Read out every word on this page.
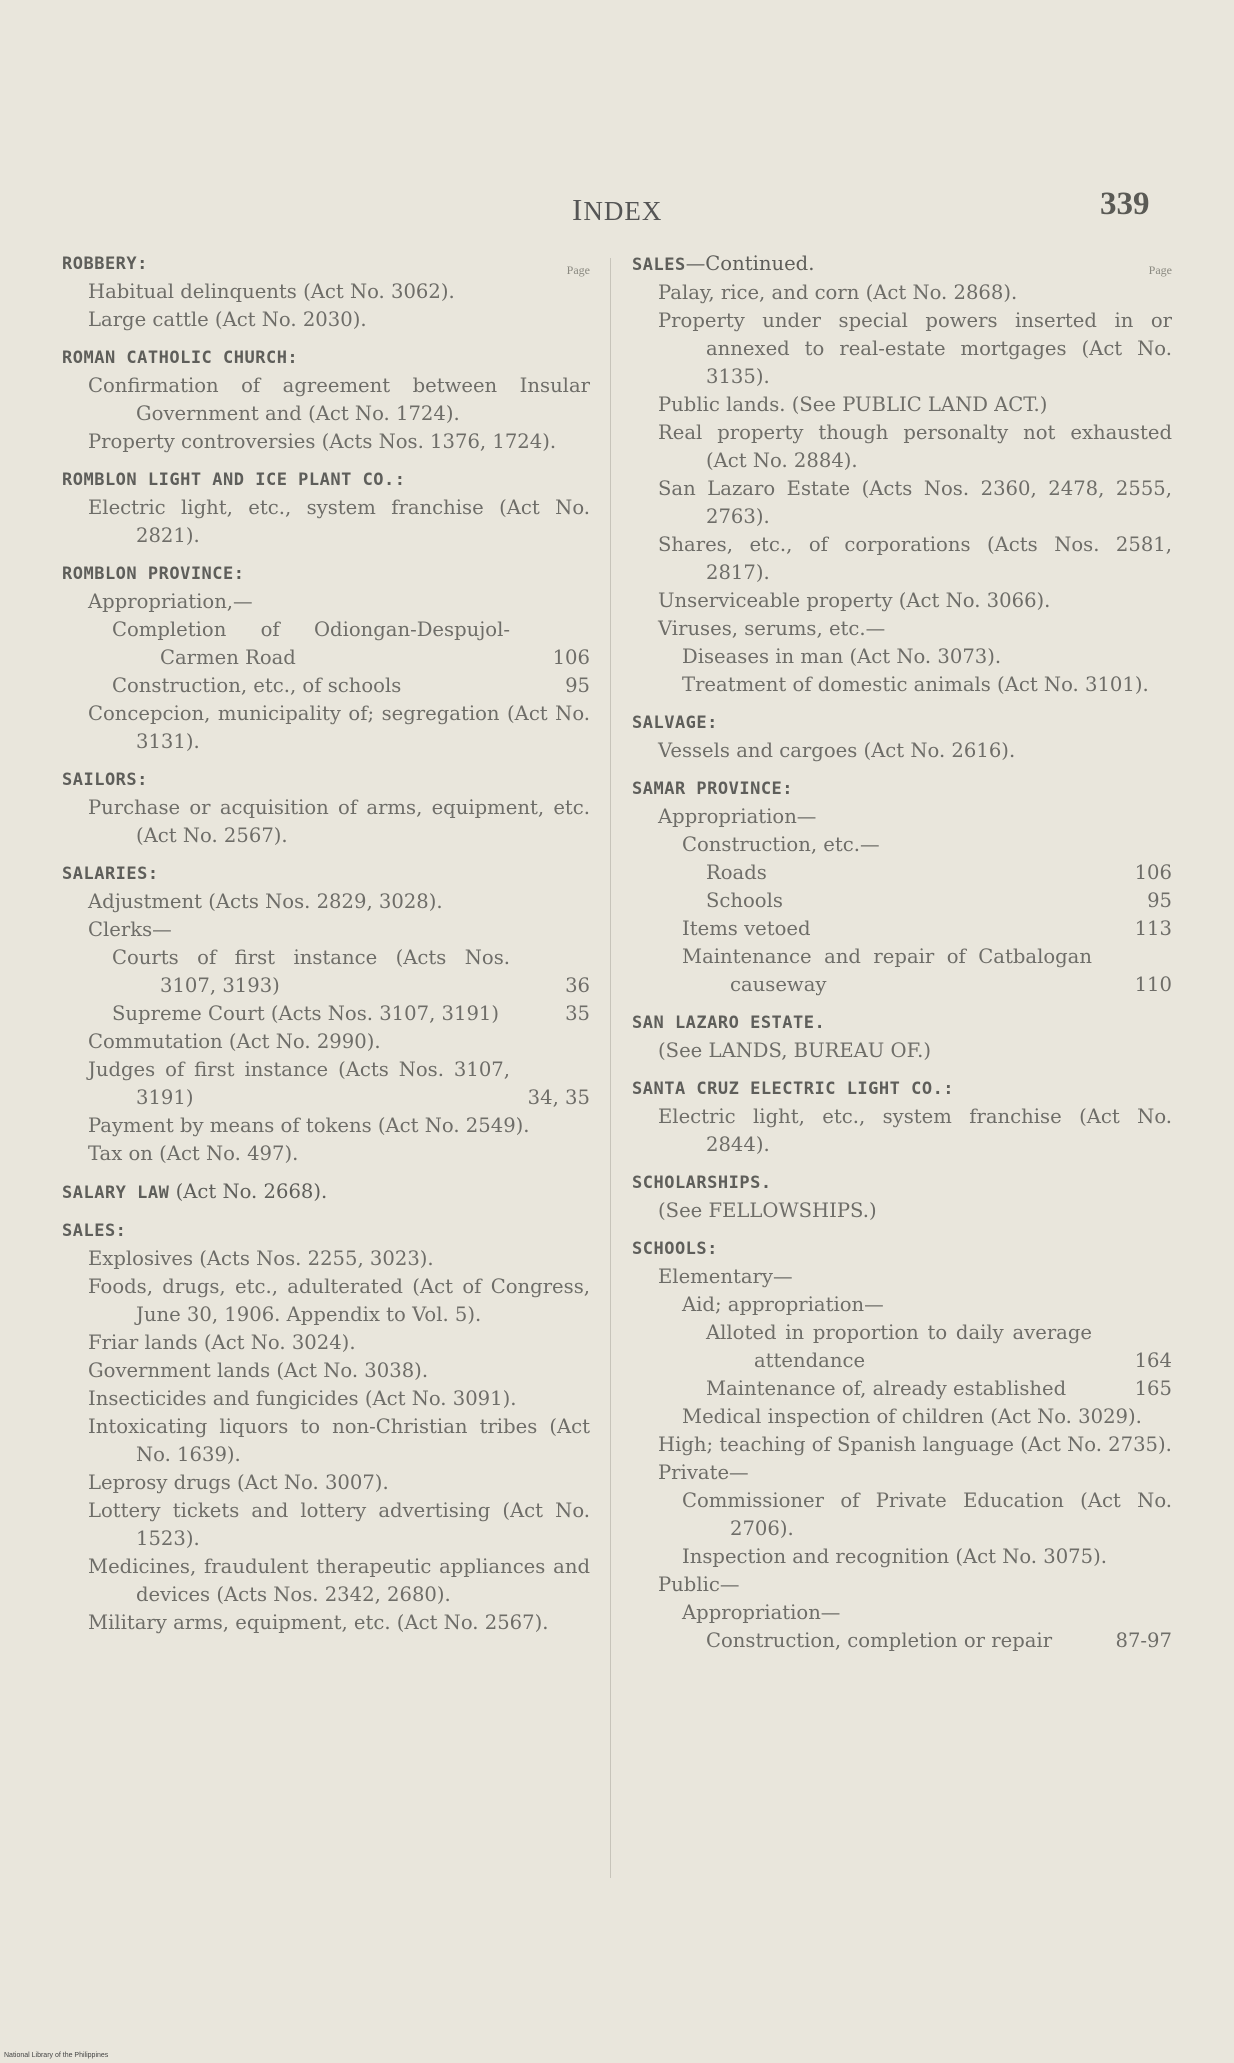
INDEX	339
Page
ROBBERY:
Habitual delinquents (Act No. 3062).
Large cattle (Act No. 2030).
ROMAN CATHOLIC CHURCH:
Confirmation of agreement between Insular Government and (Act No. 1724).
Property controversies (Acts Nos. 1376, 1724).
ROMBLON LIGHT AND ICE PLANT CO.:
Electric light, etc., system franchise (Act No. 2821).
ROMBLON PROVINCE:
Appropriation,—
Completion of Odiongan-Despujol-Carmen Road	106
Construction, etc., of schools	95
Concepcion, municipality of; segregation (Act No. 3131).
SAILORS:
Purchase or acquisition of arms, equipment, etc. (Act No. 2567).
SALARIES:
Adjustment (Acts Nos. 2829, 3028).
Clerks—
Courts of first instance (Acts Nos. 3107, 3193)	36
Supreme Court (Acts Nos. 3107, 3191)	35
Commutation (Act No. 2990).
Judges of first instance (Acts Nos. 3107, 3191)	34, 35
Payment by means of tokens (Act No. 2549).
Tax on (Act No. 497).
SALARY LAW (Act No. 2668).
SALES:
Explosives (Acts Nos. 2255, 3023).
Foods, drugs, etc., adulterated (Act of Congress, June 30, 1906. Appendix to Vol. 5).
Friar lands (Act No. 3024).
Government lands (Act No. 3038).
Insecticides and fungicides (Act No. 3091).
Intoxicating liquors to non-Christian tribes (Act No. 1639).
Leprosy drugs (Act No. 3007).
Lottery tickets and lottery advertising (Act No. 1523).
Medicines, fraudulent therapeutic appliances and devices (Acts Nos. 2342, 2680).
Military arms, equipment, etc. (Act No. 2567).
Page
SALES—Continued.
Palay, rice, and corn (Act No. 2868).
Property under special powers inserted in or annexed to real-estate mortgages (Act No. 3135).
Public lands. (See PUBLIC LAND ACT.)
Real property though personalty not exhausted (Act No. 2884).
San Lazaro Estate (Acts Nos. 2360, 2478, 2555, 2763).
Shares, etc., of corporations (Acts Nos. 2581, 2817).
Unserviceable property (Act No. 3066).
Viruses, serums, etc.—
Diseases in man (Act No. 3073).
Treatment of domestic animals (Act No. 3101).
SALVAGE:
Vessels and cargoes (Act No. 2616).
SAMAR PROVINCE:
Appropriation—
Construction, etc.—
Roads	106
Schools	95
Items vetoed	113
Maintenance and repair of Catbalogan causeway	110
SAN LAZARO ESTATE.
(See LANDS, BUREAU OF.)
SANTA CRUZ ELECTRIC LIGHT CO.:
Electric light, etc., system franchise (Act No. 2844).
SCHOLARSHIPS.
(See FELLOWSHIPS.)
SCHOOLS:
Elementary—
Aid; appropriation—
Alloted in proportion to daily average attendance	164
Maintenance of, already established	165
Medical inspection of children (Act No. 3029).
High; teaching of Spanish language (Act No. 2735).
Private—
Commissioner of Private Education (Act No. 2706).
Inspection and recognition (Act No. 3075).
Public—
Appropriation—
Construction, completion or repair	87-97
National Library of the Philippines
